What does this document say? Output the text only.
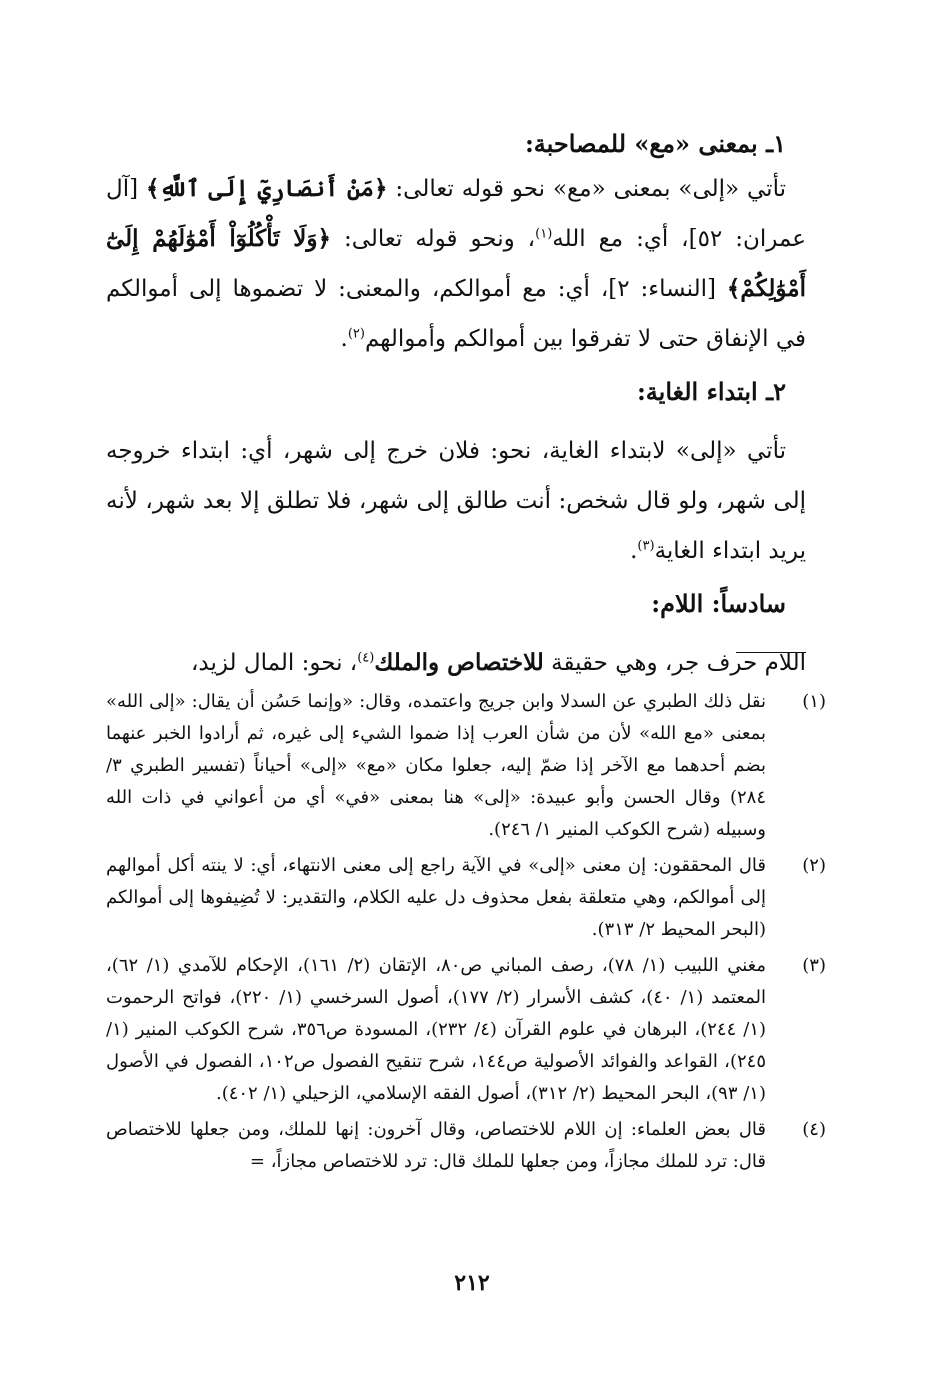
١ـ بمعنى «مع» للمصاحبة:

تأتي «إلى» بمعنى «مع» نحو قوله تعالى: ﴿مَنْ أَنصَارِيٓ إِلَى ٱللَّهِ﴾ [آل عمران: ٥٢]، أي: مع الله$^{(١)}$، ونحو قوله تعالى: ﴿وَلَا تَأْكُلُوٓاْ أَمْوَٰلَهُمْ إِلَىٰٓ أَمْوَٰلِكُمْ﴾ [النساء: ٢]، أي: مع أموالكم، والمعنى: لا تضموها إلى أموالكم في الإنفاق حتى لا تفرقوا بين أموالكم وأموالهم$^{(٢)}$.

٢ـ ابتداء الغاية:

تأتي «إلى» لابتداء الغاية، نحو: فلان خرج إلى شهر، أي: ابتداء خروجه إلى شهر، ولو قال شخص: أنت طالق إلى شهر، فلا تطلق إلا بعد شهر، لأنه يريد ابتداء الغاية$^{(٣)}$.

سادساً: اللام:

اللام حرف جر، وهي حقيقة للاختصاص والملك$^{(٤)}$، نحو: المال لزيد،

(١)
نقل ذلك الطبري عن السدلا وابن جريج واعتمده، وقال: «وإنما حَسُن أن يقال: «إلى الله» بمعنى «مع الله» لأن من شأن العرب إذا ضموا الشيء إلى غيره، ثم أرادوا الخبر عنهما بضم أحدهما مع الآخر إذا ضمّ إليه، جعلوا مكان «مع» «إلى» أحياناً (تفسير الطبري ٣/ ٢٨٤) وقال الحسن وأبو عبيدة: «إلى» هنا بمعنى «في» أي من أعواني في ذات الله وسبيله (شرح الكوكب المنير ١/ ٢٤٦).
(٢)
قال المحققون: إن معنى «إلى» في الآية راجع إلى معنى الانتهاء، أي: لا ينته أكل أموالهم إلى أموالكم، وهي متعلقة بفعل محذوف دل عليه الكلام، والتقدير: لا تُضِيفوها إلى أموالكم (البحر المحيط ٢/ ٣١٣).
(٣)
مغني اللبيب (١/ ٧٨)، رصف المباني ص٨٠، الإتقان (٢/ ١٦١)، الإحكام للآمدي (١/ ٦٢)، المعتمد (١/ ٤٠)، كشف الأسرار (٢/ ١٧٧)، أصول السرخسي (١/ ٢٢٠)، فواتح الرحموت (١/ ٢٤٤)، البرهان في علوم القرآن (٤/ ٢٣٢)، المسودة ص٣٥٦، شرح الكوكب المنير (١/ ٢٤٥)، القواعد والفوائد الأصولية ص١٤٤، شرح تنقيح الفصول ص١٠٢، الفصول في الأصول (١/ ٩٣)، البحر المحيط (٢/ ٣١٢)، أصول الفقه الإسلامي، الزحيلي (١/ ٤٠٢).
(٤)
قال بعض العلماء: إن اللام للاختصاص، وقال آخرون: إنها للملك، ومن جعلها للاختصاص قال: ترد للملك مجازاً، ومن جعلها للملك قال: ترد للاختصاص مجازاً، =
٢١٢
